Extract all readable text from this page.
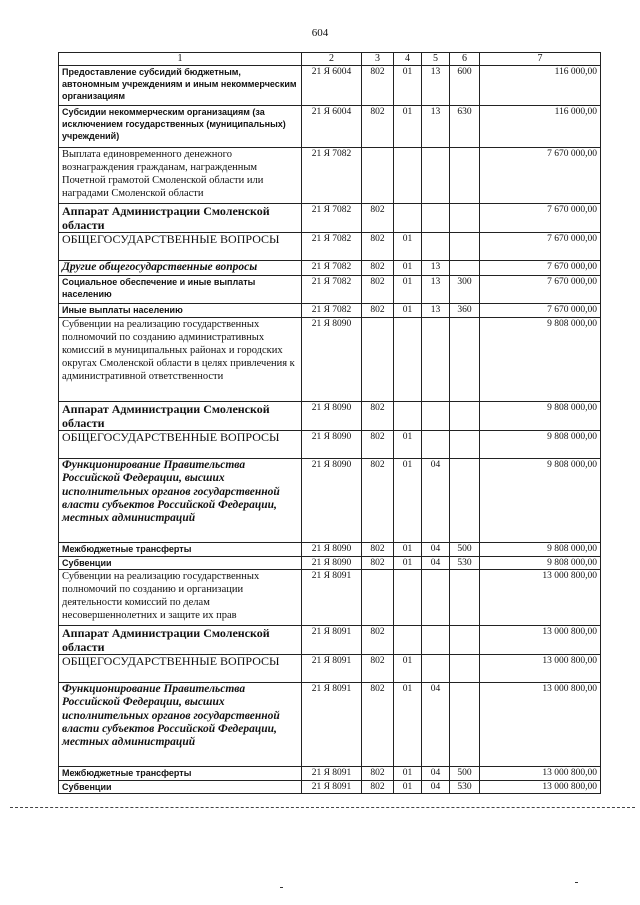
604
1	2	3	4	5	6	7
Предоставление субсидий бюджетным, автономным учреждениям и иным некоммерческим организациям	21 Я 6004	802	01	13	600	116 000,00
Субсидии некоммерческим организациям (за исключением государственных (муниципальных) учреждений)	21 Я 6004	802	01	13	630	116 000,00
Выплата единовременного денежного вознаграждения гражданам, награжденным Почетной грамотой Смоленской области или наградами Смоленской области	21 Я 7082					7 670 000,00
Аппарат Администрации Смоленской области	21 Я 7082	802				7 670 000,00
ОБЩЕГОСУДАРСТВЕННЫЕ ВОПРОСЫ	21 Я 7082	802	01			7 670 000,00
Другие общегосударственные вопросы	21 Я 7082	802	01	13		7 670 000,00
Социальное обеспечение и иные выплаты населению	21 Я 7082	802	01	13	300	7 670 000,00
Иные выплаты населению	21 Я 7082	802	01	13	360	7 670 000,00
Субвенции на реализацию государственных полномочий по созданию административных комиссий в муниципальных районах и городских округах Смоленской области в целях привлечения к административной ответственности	21 Я 8090					9 808 000,00
Аппарат Администрации Смоленской области	21 Я 8090	802				9 808 000,00
ОБЩЕГОСУДАРСТВЕННЫЕ ВОПРОСЫ	21 Я 8090	802	01			9 808 000,00
Функционирование Правительства Российской Федерации, высших исполнительных органов государственной власти субъектов Российской Федерации, местных администраций	21 Я 8090	802	01	04		9 808 000,00
Межбюджетные трансферты	21 Я 8090	802	01	04	500	9 808 000,00
Субвенции	21 Я 8090	802	01	04	530	9 808 000,00
Субвенции на реализацию государственных полномочий по созданию и организации деятельности комиссий по делам несовершеннолетних и защите их прав	21 Я 8091					13 000 800,00
Аппарат Администрации Смоленской области	21 Я 8091	802				13 000 800,00
ОБЩЕГОСУДАРСТВЕННЫЕ ВОПРОСЫ	21 Я 8091	802	01			13 000 800,00
Функционирование Правительства Российской Федерации, высших исполнительных органов государственной власти субъектов Российской Федерации, местных администраций	21 Я 8091	802	01	04		13 000 800,00
Межбюджетные трансферты	21 Я 8091	802	01	04	500	13 000 800,00
Субвенции	21 Я 8091	802	01	04	530	13 000 800,00
